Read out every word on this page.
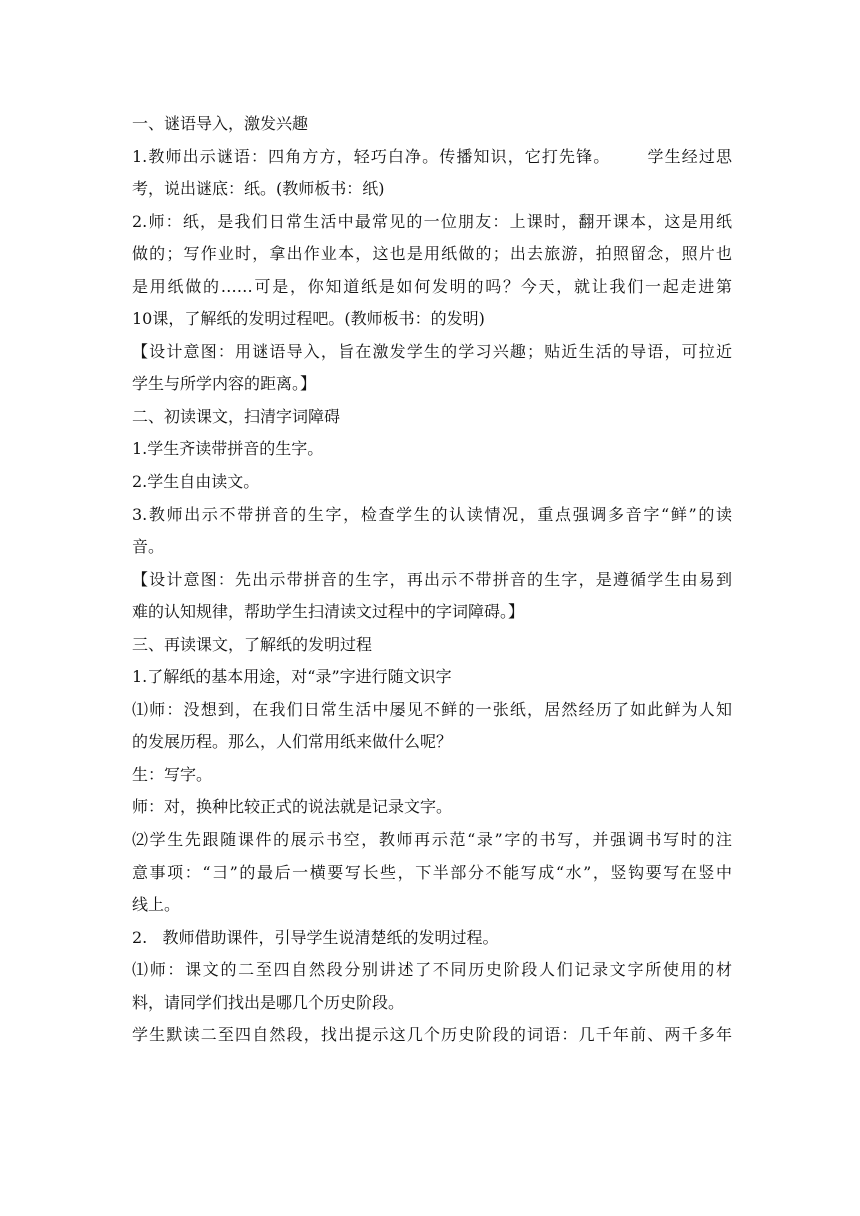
一、谜语导入，激发兴趣
1.教师出示谜语：四角方方，轻巧白净。传播知识，它打先锋。      学生经过思
考，说出谜底：纸。(教师板书：纸)
2.师：纸，是我们日常生活中最常见的一位朋友：上课时，翻开课本，这是用纸
做的；写作业时，拿出作业本，这也是用纸做的；出去旅游，拍照留念，照片也
是用纸做的……可是，你知道纸是如何发明的吗？今天，就让我们一起走进第
10课，了解纸的发明过程吧。(教师板书：的发明)
【设计意图：用谜语导入，旨在激发学生的学习兴趣；贴近生活的导语，可拉近
学生与所学内容的距离。】
二、初读课文，扫清字词障碍
1.学生齐读带拼音的生字。
2.学生自由读文。
3.教师出示不带拼音的生字，检查学生的认读情况，重点强调多音字“鲜”的读
音。
【设计意图：先出示带拼音的生字，再出示不带拼音的生字，是遵循学生由易到
难的认知规律，帮助学生扫清读文过程中的字词障碍。】
三、再读课文，了解纸的发明过程
1.了解纸的基本用途，对“录”字进行随文识字
⑴师：没想到，在我们日常生活中屡见不鲜的一张纸，居然经历了如此鲜为人知
的发展历程。那么，人们常用纸来做什么呢？
生：写字。
师：对，换种比较正式的说法就是记录文字。
⑵学生先跟随课件的展示书空，教师再示范“录”字的书写，并强调书写时的注
意事项：“彐”的最后一横要写长些，下半部分不能写成“水”，竖钩要写在竖中
线上。
2.   教师借助课件，引导学生说清楚纸的发明过程。
⑴师：课文的二至四自然段分别讲述了不同历史阶段人们记录文字所使用的材
料，请同学们找出是哪几个历史阶段。
学生默读二至四自然段，找出提示这几个历史阶段的词语：几千年前、两千多年
